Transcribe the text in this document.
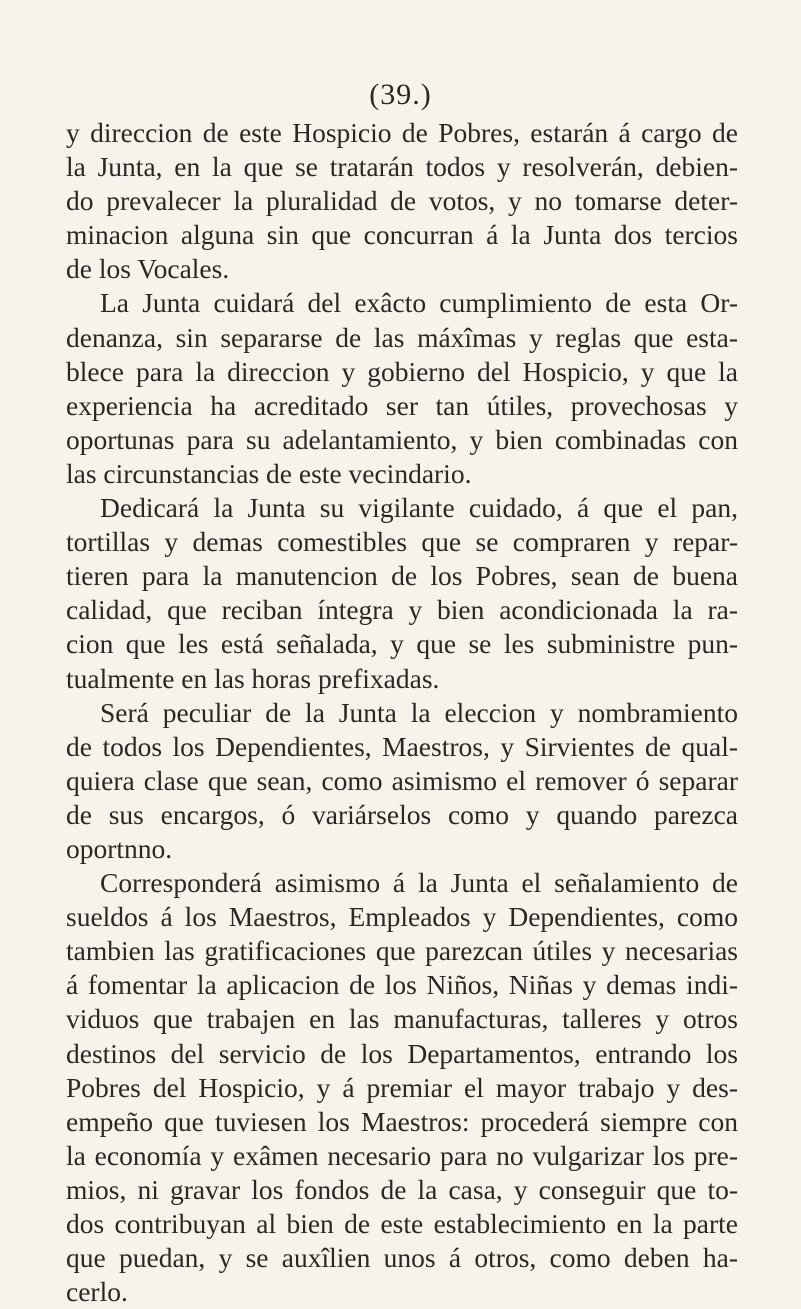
(39.)
y direccion de este Hospicio de Pobres, estarán á cargo de
la Junta, en la que se tratarán todos y resolverán, debien-
do prevalecer la pluralidad de votos, y no tomarse deter-
minacion alguna sin que concurran á la Junta dos tercios
de los Vocales.
La Junta cuidará del exâcto cumplimiento de esta Or-
denanza, sin separarse de las máxîmas y reglas que esta-
blece para la direccion y gobierno del Hospicio, y que la
experiencia ha acreditado ser tan útiles, provechosas y
oportunas para su adelantamiento, y bien combinadas con
las circunstancias de este vecindario.
Dedicará la Junta su vigilante cuidado, á que el pan,
tortillas y demas comestibles que se compraren y repar-
tieren para la manutencion de los Pobres, sean de buena
calidad, que reciban íntegra y bien acondicionada la ra-
cion que les está señalada, y que se les subministre pun-
tualmente en las horas prefixadas.
Será peculiar de la Junta la eleccion y nombramiento
de todos los Dependientes, Maestros, y Sirvientes de qual-
quiera clase que sean, como asimismo el remover ó separar
de sus encargos, ó variárselos como y quando parezca
oportnno.
Corresponderá asimismo á la Junta el señalamiento de
sueldos á los Maestros, Empleados y Dependientes, como
tambien las gratificaciones que parezcan útiles y necesarias
á fomentar la aplicacion de los Niños, Niñas y demas indi-
viduos que trabajen en las manufacturas, talleres y otros
destinos del servicio de los Departamentos, entrando los
Pobres del Hospicio, y á premiar el mayor trabajo y des-
empeño que tuviesen los Maestros: procederá siempre con
la economía y exâmen necesario para no vulgarizar los pre-
mios, ni gravar los fondos de la casa, y conseguir que to-
dos contribuyan al bien de este establecimiento en la parte
que puedan, y se auxîlien unos á otros, como deben ha-
cerlo.
